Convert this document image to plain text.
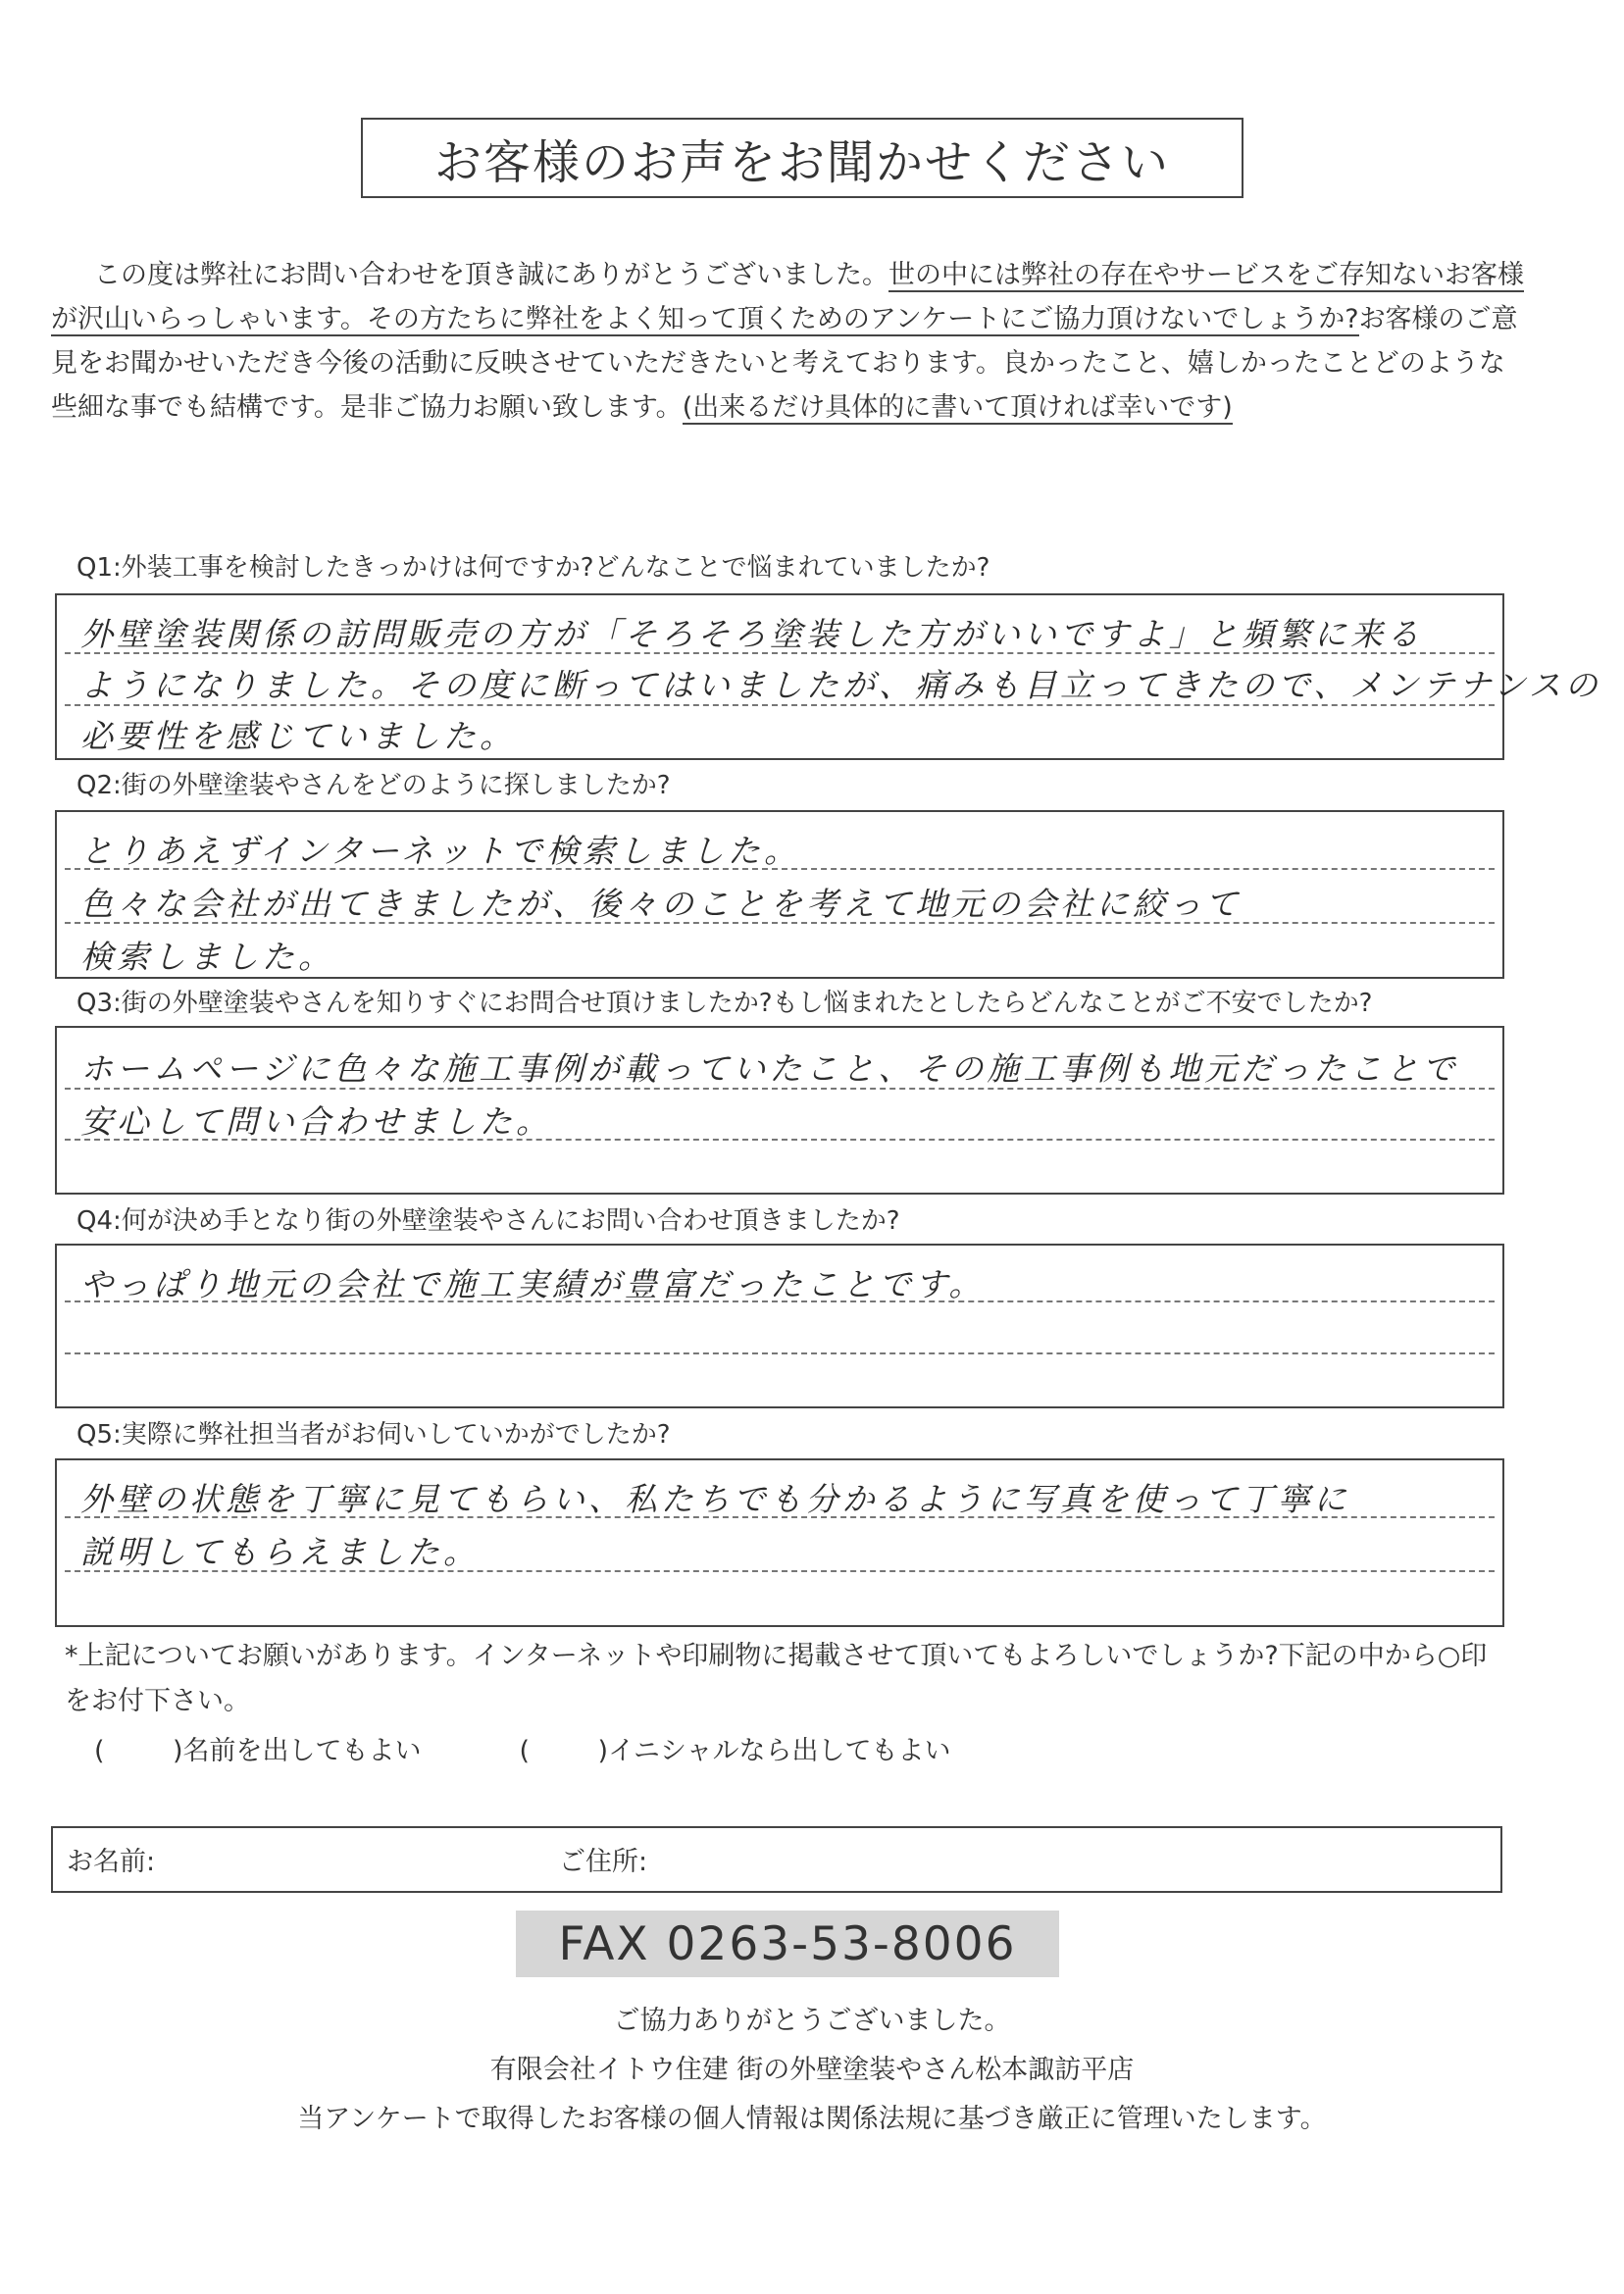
お客様のお声をお聞かせください
この度は弊社にお問い合わせを頂き誠にありがとうございました。世の中には弊社の存在やサービスをご存知ないお客様が沢山いらっしゃいます。その方たちに弊社をよく知って頂くためのアンケートにご協力頂けないでしょうか?お客様のご意見をお聞かせいただき今後の活動に反映させていただきたいと考えております。良かったこと、嬉しかったことどのような些細な事でも結構です。是非ご協力お願い致します。(出来るだけ具体的に書いて頂ければ幸いです)
Q1:外装工事を検討したきっかけは何ですか?どんなことで悩まれていましたか?
外壁塗装関係の訪問販売の方が「そろそろ塗装した方がいいですよ」と頻繁に来る
ようになりました。その度に断ってはいましたが、痛みも目立ってきたので、メンテナンスの
必要性を感じていました。
Q2:街の外壁塗装やさんをどのように探しましたか?
とりあえずインターネットで検索しました。
色々な会社が出てきましたが、後々のことを考えて地元の会社に絞って
検索しました。
Q3:街の外壁塗装やさんを知りすぐにお問合せ頂けましたか?もし悩まれたとしたらどんなことがご不安でしたか?
ホームページに色々な施工事例が載っていたこと、その施工事例も地元だったことで
安心して問い合わせました。
Q4:何が決め手となり街の外壁塗装やさんにお問い合わせ頂きましたか?
やっぱり地元の会社で施工実績が豊富だったことです。
Q5:実際に弊社担当者がお伺いしていかがでしたか?
外壁の状態を丁寧に見てもらい、私たちでも分かるように写真を使って丁寧に
説明してもらえました。
*上記についてお願いがあります。インターネットや印刷物に掲載させて頂いてもよろしいでしょうか?下記の中から○印をお付下さい。
(	)名前を出してもよい	(	)イニシャルなら出してもよい
お名前:	ご住所:
FAX 0263-53-8006
ご協力ありがとうございました。
有限会社イトウ住建 街の外壁塗装やさん松本諏訪平店
当アンケートで取得したお客様の個人情報は関係法規に基づき厳正に管理いたします。
